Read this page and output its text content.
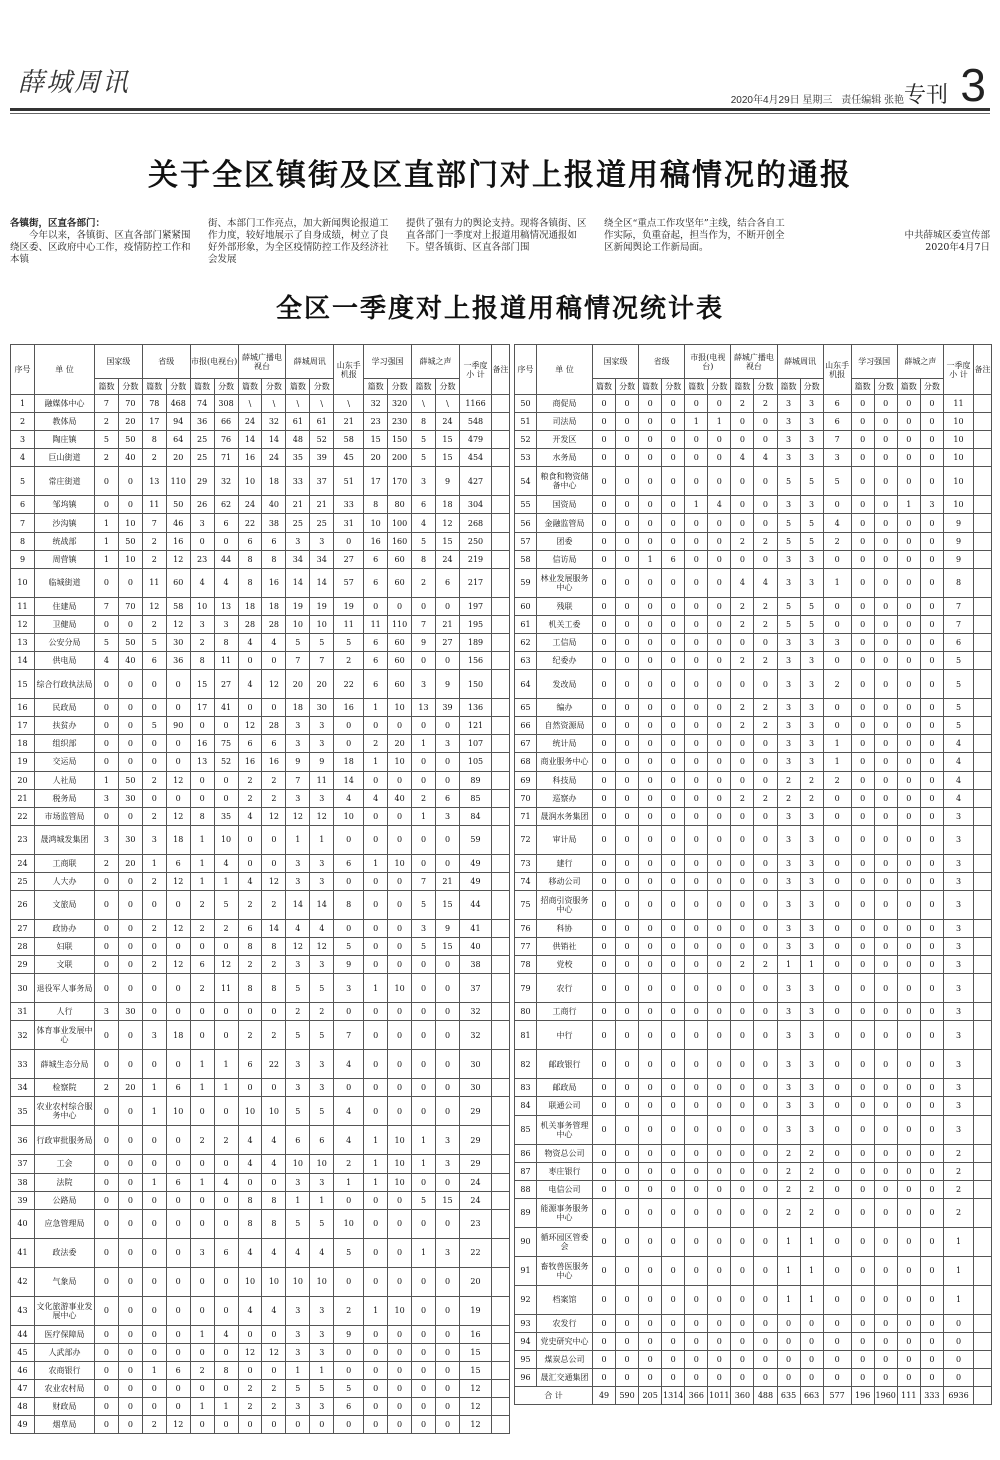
薛城周讯
2020年4月29日 星期三 责任编辑 张艳 专刊 3
关于全区镇街及区直部门对上报道用稿情况的通报
各镇街，区直各部门：
今年以来，各镇街、区直各部门紧紧围绕区委、区政府中心工作，疫情防控工作和本镇
街、本部门工作亮点，加大新闻舆论报道工作力度，较好地展示了自身成绩，树立了良好外部形象，为全区疫情防控工作及经济社会发展
提供了强有力的舆论支持。现将各镇街、区直各部门一季度对上报道用稿情况通报如下。望各镇街、区直各部门围
绕全区“重点工作攻坚年”主线，结合各自工作实际，负重奋起，担当作为，不断开创全区新闻舆论工作新局面。
中共薛城区委宣传部
2020年4月7日
全区一季度对上报道用稿情况统计表
序号	单 位	国家级		省级		市报(电视台)		薛城广播电视台		薛城周讯		山东手机报	学习强国		薛城之声		一季度小 计	备注
		篇数	分数	篇数	分数	篇数	分数	篇数	分数	篇数	分数		篇数	分数	篇数	分数		
1	融媒体中心	7	70	78	468	74	308	\	\	\	\	\	32	320	\	\	1166	
2	教体局	2	20	17	94	36	66	24	32	61	61	21	23	230	8	24	548	
3	陶庄镇	5	50	8	64	25	76	14	14	48	52	58	15	150	5	15	479	
4	巨山街道	2	40	2	20	25	71	16	24	35	39	45	20	200	5	15	454	
5	常庄街道	0	0	13	110	29	32	10	18	33	37	51	17	170	3	9	427	
6	邹坞镇	0	0	11	50	26	62	24	40	21	21	33	8	80	6	18	304	
7	沙沟镇	1	10	7	46	3	6	22	38	25	25	31	10	100	4	12	268	
8	统战部	1	50	2	16	0	0	6	6	3	3	0	16	160	5	15	250	
9	周营镇	1	10	2	12	23	44	8	8	34	34	27	6	60	8	24	219	
10	临城街道	0	0	11	60	4	4	8	16	14	14	57	6	60	2	6	217	
11	住建局	7	70	12	58	10	13	18	18	19	19	19	0	0	0	0	197	
12	卫健局	0	0	2	12	3	3	28	28	10	10	11	11	110	7	21	195	
13	公安分局	5	50	5	30	2	8	4	4	5	5	5	6	60	9	27	189	
14	供电局	4	40	6	36	8	11	0	0	7	7	2	6	60	0	0	156	
15	综合行政执法局	0	0	0	0	15	27	4	12	20	20	22	6	60	3	9	150	
16	民政局	0	0	0	0	17	41	0	0	18	30	16	1	10	13	39	136	
17	扶贫办	0	0	5	90	0	0	12	28	3	3	0	0	0	0	0	121	
18	组织部	0	0	0	0	16	75	6	6	3	3	0	2	20	1	3	107	
19	交运局	0	0	0	0	13	52	16	16	9	9	18	1	10	0	0	105	
20	人社局	1	50	2	12	0	0	2	2	7	11	14	0	0	0	0	89	
21	税务局	3	30	0	0	0	0	2	2	3	3	4	4	40	2	6	85	
22	市场监管局	0	0	2	12	8	35	4	12	12	12	10	0	0	1	3	84	
23	晟鸿城发集团	3	30	3	18	1	10	0	0	1	1	0	0	0	0	0	59	
24	工商联	2	20	1	6	1	4	0	0	3	3	6	1	10	0	0	49	
25	人大办	0	0	2	12	1	1	4	12	3	3	0	0	0	7	21	49	
26	文旅局	0	0	0	0	2	5	2	2	14	14	8	0	0	5	15	44	
27	政协办	0	0	2	12	2	2	6	14	4	4	0	0	0	3	9	41	
28	妇联	0	0	0	0	0	0	8	8	12	12	5	0	0	5	15	40	
29	文联	0	0	2	12	6	12	2	2	3	3	9	0	0	0	0	38	
30	退役军人事务局	0	0	0	0	2	11	8	8	5	5	3	1	10	0	0	37	
31	人行	3	30	0	0	0	0	0	0	2	2	0	0	0	0	0	32	
32	体育事业发展中心	0	0	3	18	0	0	2	2	5	5	7	0	0	0	0	32	
33	薛城生态分局	0	0	0	0	1	1	6	22	3	3	4	0	0	0	0	30	
34	检察院	2	20	1	6	1	1	0	0	3	3	0	0	0	0	0	30	
35	农业农村综合服务中心	0	0	1	10	0	0	10	10	5	5	4	0	0	0	0	29	
36	行政审批服务局	0	0	0	0	2	2	4	4	6	6	4	1	10	1	3	29	
37	工会	0	0	0	0	0	0	4	4	10	10	2	1	10	1	3	29	
38	法院	0	0	1	6	1	4	0	0	3	3	1	1	10	0	0	24	
39	公路局	0	0	0	0	0	0	8	8	1	1	0	0	0	5	15	24	
40	应急管理局	0	0	0	0	0	0	8	8	5	5	10	0	0	0	0	23	
41	政法委	0	0	0	0	3	6	4	4	4	4	5	0	0	1	3	22	
42	气象局	0	0	0	0	0	0	10	10	10	10	0	0	0	0	0	20	
43	文化旅游事业发展中心	0	0	0	0	0	0	4	4	3	3	2	1	10	0	0	19	
44	医疗保障局	0	0	0	0	1	4	0	0	3	3	9	0	0	0	0	16	
45	人武部办	0	0	0	0	0	0	12	12	3	3	0	0	0	0	0	15	
46	农商银行	0	0	1	6	2	8	0	0	1	1	0	0	0	0	0	15	
47	农业农村局	0	0	0	0	0	0	2	2	5	5	5	0	0	0	0	12	
48	财政局	0	0	0	0	1	1	2	2	3	3	6	0	0	0	0	12	
49	烟草局	0	0	2	12	0	0	0	0	0	0	0	0	0	0	0	12	
序号	单 位	国家级		省级		市报(电视台)		薛城广播电视台		薛城周讯		山东手机报	学习强国		薛城之声		一季度小 计	备注
		篇数	分数	篇数	分数	篇数	分数	篇数	分数	篇数	分数		篇数	分数	篇数	分数		
50	商促局	0	0	0	0	0	0	2	2	3	3	6	0	0	0	0	11	
51	司法局	0	0	0	0	1	1	0	0	3	3	6	0	0	0	0	10	
52	开发区	0	0	0	0	0	0	0	0	3	3	7	0	0	0	0	10	
53	水务局	0	0	0	0	0	0	4	4	3	3	3	0	0	0	0	10	
54	粮食和物资储备中心	0	0	0	0	0	0	0	0	5	5	5	0	0	0	0	10	
55	国资局	0	0	0	0	1	4	0	0	3	3	0	0	0	1	3	10	
56	金融监管局	0	0	0	0	0	0	0	0	5	5	4	0	0	0	0	9	
57	团委	0	0	0	0	0	0	2	2	5	5	2	0	0	0	0	9	
58	信访局	0	0	1	6	0	0	0	0	3	3	0	0	0	0	0	9	
59	林业发展服务中心	0	0	0	0	0	0	4	4	3	3	1	0	0	0	0	8	
60	残联	0	0	0	0	0	0	2	2	5	5	0	0	0	0	0	7	
61	机关工委	0	0	0	0	0	0	2	2	5	5	0	0	0	0	0	7	
62	工信局	0	0	0	0	0	0	0	0	3	3	3	0	0	0	0	6	
63	纪委办	0	0	0	0	0	0	2	2	3	3	0	0	0	0	0	5	
64	发改局	0	0	0	0	0	0	0	0	3	3	2	0	0	0	0	5	
65	编办	0	0	0	0	0	0	2	2	3	3	0	0	0	0	0	5	
66	自然资源局	0	0	0	0	0	0	2	2	3	3	0	0	0	0	0	5	
67	统计局	0	0	0	0	0	0	0	0	3	3	1	0	0	0	0	4	
68	商业服务中心	0	0	0	0	0	0	0	0	3	3	1	0	0	0	0	4	
69	科技局	0	0	0	0	0	0	0	0	2	2	2	0	0	0	0	4	
70	巡察办	0	0	0	0	0	0	2	2	2	2	0	0	0	0	0	4	
71	晟润水务集团	0	0	0	0	0	0	0	0	3	3	0	0	0	0	0	3	
72	审计局	0	0	0	0	0	0	0	0	3	3	0	0	0	0	0	3	
73	建行	0	0	0	0	0	0	0	0	3	3	0	0	0	0	0	3	
74	移动公司	0	0	0	0	0	0	0	0	3	3	0	0	0	0	0	3	
75	招商引资服务中心	0	0	0	0	0	0	0	0	3	3	0	0	0	0	0	3	
76	科协	0	0	0	0	0	0	0	0	3	3	0	0	0	0	0	3	
77	供销社	0	0	0	0	0	0	0	0	3	3	0	0	0	0	0	3	
78	党校	0	0	0	0	0	0	2	2	1	1	0	0	0	0	0	3	
79	农行	0	0	0	0	0	0	0	0	3	3	0	0	0	0	0	3	
80	工商行	0	0	0	0	0	0	0	0	3	3	0	0	0	0	0	3	
81	中行	0	0	0	0	0	0	0	0	3	3	0	0	0	0	0	3	
82	邮政银行	0	0	0	0	0	0	0	0	3	3	0	0	0	0	0	3	
83	邮政局	0	0	0	0	0	0	0	0	3	3	0	0	0	0	0	3	
84	联通公司	0	0	0	0	0	0	0	0	3	3	0	0	0	0	0	3	
85	机关事务管理中心	0	0	0	0	0	0	0	0	3	3	0	0	0	0	0	3	
86	物资总公司	0	0	0	0	0	0	0	0	2	2	0	0	0	0	0	2	
87	枣庄银行	0	0	0	0	0	0	0	0	2	2	0	0	0	0	0	2	
88	电信公司	0	0	0	0	0	0	0	0	2	2	0	0	0	0	0	2	
89	能源事务服务中心	0	0	0	0	0	0	0	0	2	2	0	0	0	0	0	2	
90	循环园区管委会	0	0	0	0	0	0	0	0	1	1	0	0	0	0	0	1	
91	畜牧兽医服务中心	0	0	0	0	0	0	0	0	1	1	0	0	0	0	0	1	
92	档案馆	0	0	0	0	0	0	0	0	1	1	0	0	0	0	0	1	
93	农发行	0	0	0	0	0	0	0	0	0	0	0	0	0	0	0	0	
94	党史研究中心	0	0	0	0	0	0	0	0	0	0	0	0	0	0	0	0	
95	煤炭总公司	0	0	0	0	0	0	0	0	0	0	0	0	0	0	0	0	
96	晟汇交通集团	0	0	0	0	0	0	0	0	0	0	0	0	0	0	0	0	
合 计		49	590	205	1314	366	1011	360	488	635	663	577	196	1960	111	333	6936	
